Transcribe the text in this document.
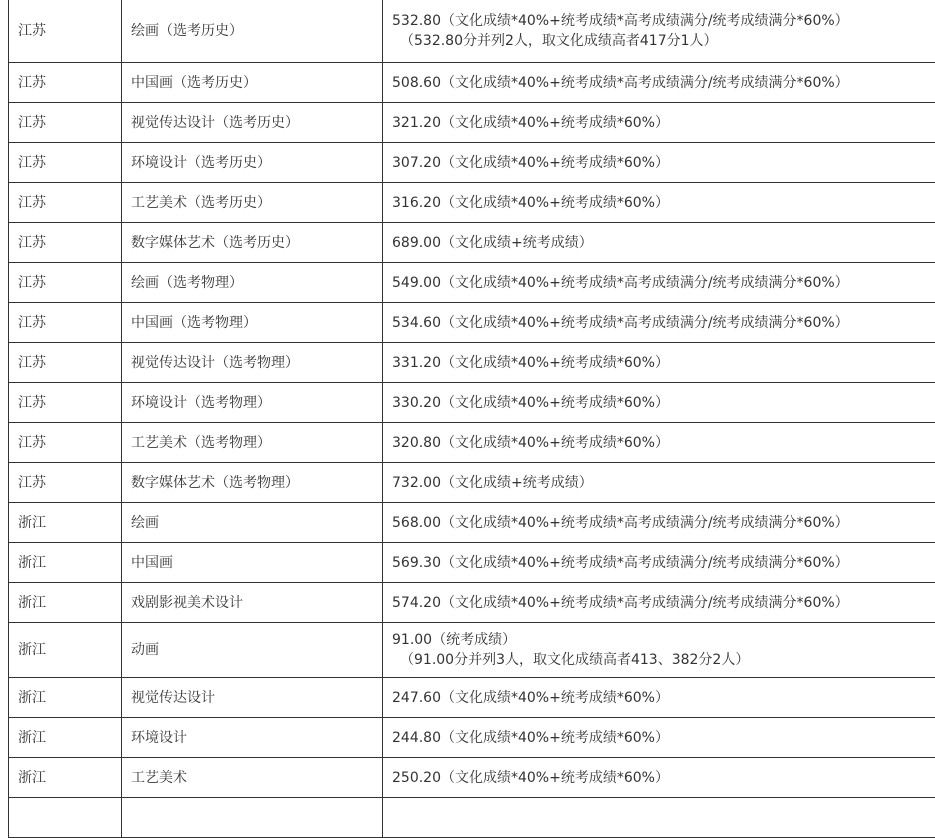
江苏	绘画（选考历史）	532.80（文化成绩*40%+统考成绩*高考成绩满分/统考成绩满分*60%）
（532.80分并列2人，取文化成绩高者417分1人）

江苏	中国画（选考历史）	508.60（文化成绩*40%+统考成绩*高考成绩满分/统考成绩满分*60%）
江苏	视觉传达设计（选考历史）	321.20（文化成绩*40%+统考成绩*60%）
江苏	环境设计（选考历史）	307.20（文化成绩*40%+统考成绩*60%）
江苏	工艺美术（选考历史）	316.20（文化成绩*40%+统考成绩*60%）
江苏	数字媒体艺术（选考历史）	689.00（文化成绩+统考成绩）
江苏	绘画（选考物理）	549.00（文化成绩*40%+统考成绩*高考成绩满分/统考成绩满分*60%）
江苏	中国画（选考物理）	534.60（文化成绩*40%+统考成绩*高考成绩满分/统考成绩满分*60%）
江苏	视觉传达设计（选考物理）	331.20（文化成绩*40%+统考成绩*60%）
江苏	环境设计（选考物理）	330.20（文化成绩*40%+统考成绩*60%）
江苏	工艺美术（选考物理）	320.80（文化成绩*40%+统考成绩*60%）
江苏	数字媒体艺术（选考物理）	732.00（文化成绩+统考成绩）
浙江	绘画	568.00（文化成绩*40%+统考成绩*高考成绩满分/统考成绩满分*60%）
浙江	中国画	569.30（文化成绩*40%+统考成绩*高考成绩满分/统考成绩满分*60%）
浙江	戏剧影视美术设计	574.20（文化成绩*40%+统考成绩*高考成绩满分/统考成绩满分*60%）
浙江	动画	91.00（统考成绩）
（91.00分并列3人，取文化成绩高者413、382分2人）

浙江	视觉传达设计	247.60（文化成绩*40%+统考成绩*60%）
浙江	环境设计	244.80（文化成绩*40%+统考成绩*60%）
浙江	工艺美术	250.20（文化成绩*40%+统考成绩*60%）
